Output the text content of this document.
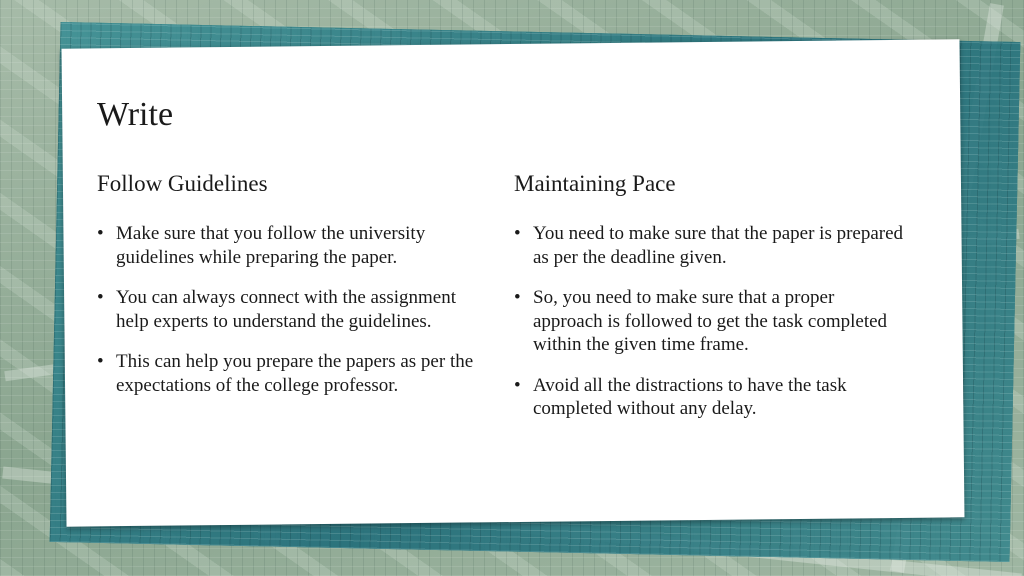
Write
Follow Guidelines
• Make sure that you follow the university guidelines while preparing the paper.
• You can always connect with the assignment help experts to understand the guidelines.
• This can help you prepare the papers as per the expectations of the college professor.
Maintaining Pace
• You need to make sure that the paper is prepared as per the deadline given.
• So, you need to make sure that a proper approach is followed to get the task completed within the given time frame.
• Avoid all the distractions to have the task completed without any delay.
